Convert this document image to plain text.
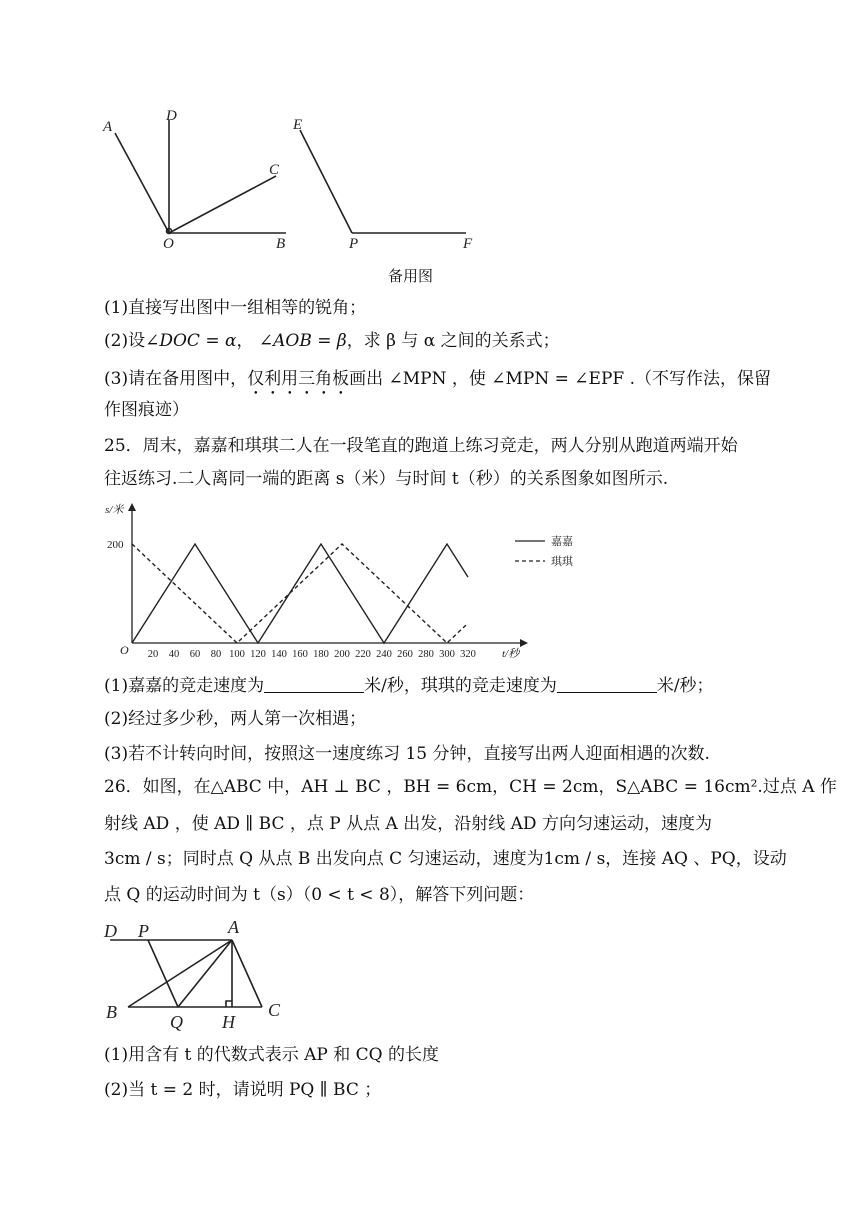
A
D
C
O	B
E
P	F
备用图
(1)直接写出图中一组相等的锐角；
(2)设∠DOC = α， ∠AOB = β，求 β 与 α 之间的关系式；
(3)请在备用图中，仅利用三角板画出 ∠MPN ，使 ∠MPN = ∠EPF .（不写作法，保留
作图痕迹）
25．周末，嘉嘉和琪琪二人在一段笔直的跑道上练习竞走，两人分别从跑道两端开始
往返练习.二人离同一端的距离 s（米）与时间 t（秒）的关系图象如图所示.
s/米
t/秒
O
200
20 40 60 80 100 120 140 160 180 200 220 240 260 280 300 320
嘉嘉
琪琪
(1)嘉嘉的竞走速度为	米/秒，琪琪的竞走速度为	米/秒；
(2)经过多少秒，两人第一次相遇；
(3)若不计转向时间，按照这一速度练习 15 分钟，直接写出两人迎面相遇的次数.
26．如图，在△ABC 中，AH ⊥ BC ，BH = 6cm，CH = 2cm，S△ABC = 16cm².过点 A 作
射线 AD ，使 AD ∥ BC ，点 P 从点 A 出发，沿射线 AD 方向匀速运动，速度为
3cm / s；同时点 Q 从点 B 出发向点 C 匀速运动，速度为1cm / s，连接 AQ 、PQ，设动
点 Q 的运动时间为 t（s）（0 < t < 8），解答下列问题：
D P	A
B	Q H
C
(1)用含有 t 的代数式表示 AP 和 CQ 的长度
(2)当 t = 2 时，请说明 PQ ∥ BC ；
